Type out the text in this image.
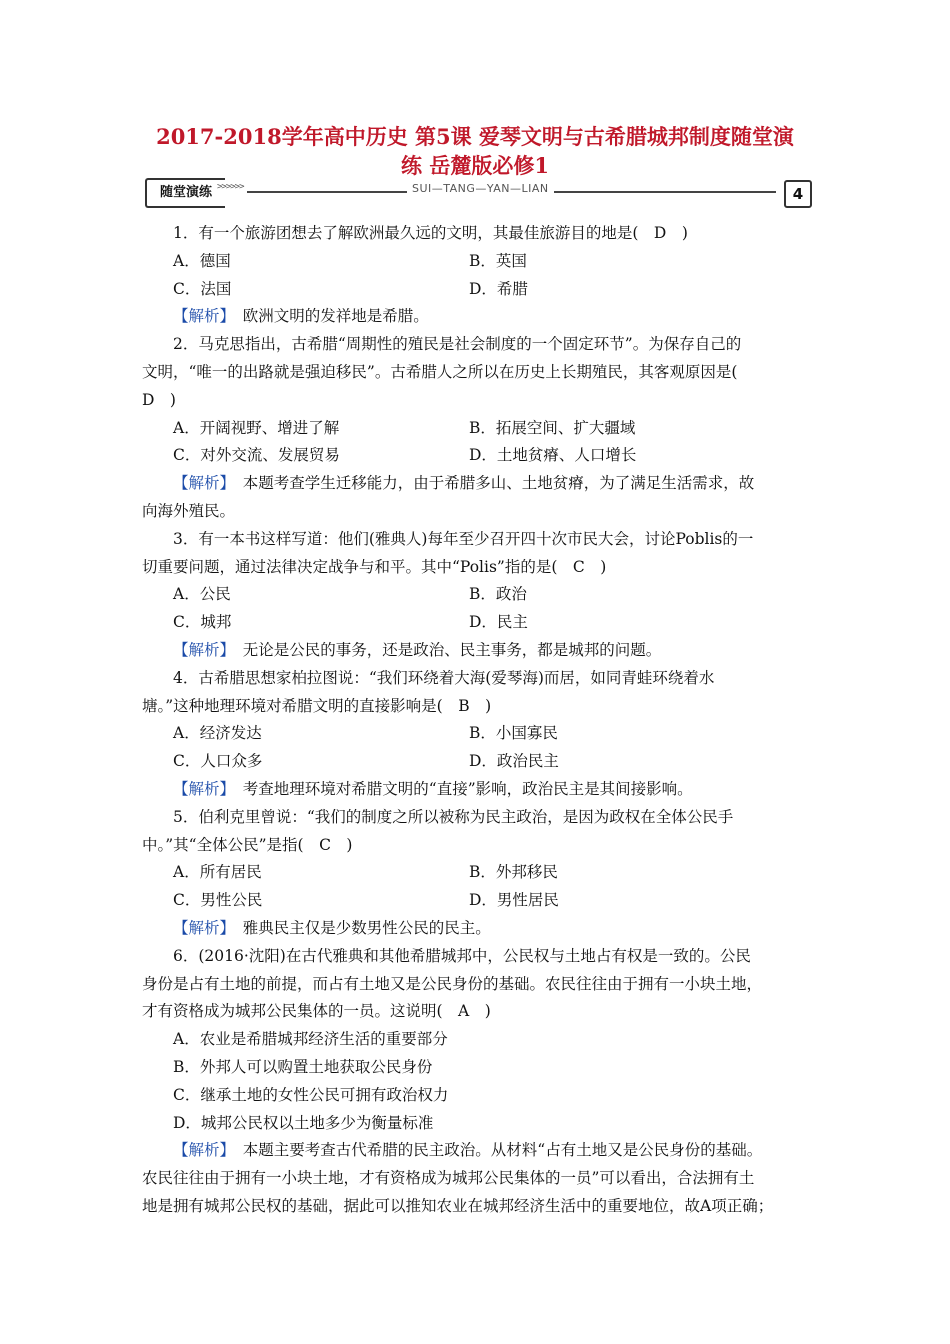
2017-2018学年高中历史 第5课 爱琴文明与古希腊城邦制度随堂演
练 岳麓版必修1
随堂演练 >>>>>>	SUI—TANG—YAN—LIAN	4
1．有一个旅游团想去了解欧洲最久远的文明，其最佳旅游目的地是(　D　)
A．德国	B．英国
C．法国	D．希腊
【解析】　欧洲文明的发祥地是希腊。
2．马克思指出，古希腊“周期性的殖民是社会制度的一个固定环节”。为保存自己的
文明，“唯一的出路就是强迫移民”。古希腊人之所以在历史上长期殖民，其客观原因是(
D　)
A．开阔视野、增进了解	B．拓展空间、扩大疆域
C．对外交流、发展贸易	D．土地贫瘠、人口增长
【解析】　本题考查学生迁移能力，由于希腊多山、土地贫瘠，为了满足生活需求，故
向海外殖民。
3．有一本书这样写道：他们(雅典人)每年至少召开四十次市民大会，讨论Poblis的一
切重要问题，通过法律决定战争与和平。其中“Polis”指的是(　C　)
A．公民	B．政治
C．城邦	D．民主
【解析】　无论是公民的事务，还是政治、民主事务，都是城邦的问题。
4．古希腊思想家柏拉图说：“我们环绕着大海(爱琴海)而居，如同青蛙环绕着水
塘。”这种地理环境对希腊文明的直接影响是(　B　)
A．经济发达	B．小国寡民
C．人口众多	D．政治民主
【解析】　考查地理环境对希腊文明的“直接”影响，政治民主是其间接影响。
5．伯利克里曾说：“我们的制度之所以被称为民主政治，是因为政权在全体公民手
中。”其“全体公民”是指(　C　)
A．所有居民	B．外邦移民
C．男性公民	D．男性居民
【解析】　雅典民主仅是少数男性公民的民主。
6．(2016·沈阳)在古代雅典和其他希腊城邦中，公民权与土地占有权是一致的。公民
身份是占有土地的前提，而占有土地又是公民身份的基础。农民往往由于拥有一小块土地，
才有资格成为城邦公民集体的一员。这说明(　A　)
A．农业是希腊城邦经济生活的重要部分
B．外邦人可以购置土地获取公民身份
C．继承土地的女性公民可拥有政治权力
D．城邦公民权以土地多少为衡量标准
【解析】　本题主要考查古代希腊的民主政治。从材料“占有土地又是公民身份的基础。
农民往往由于拥有一小块土地，才有资格成为城邦公民集体的一员”可以看出，合法拥有土
地是拥有城邦公民权的基础，据此可以推知农业在城邦经济生活中的重要地位，故A项正确；
